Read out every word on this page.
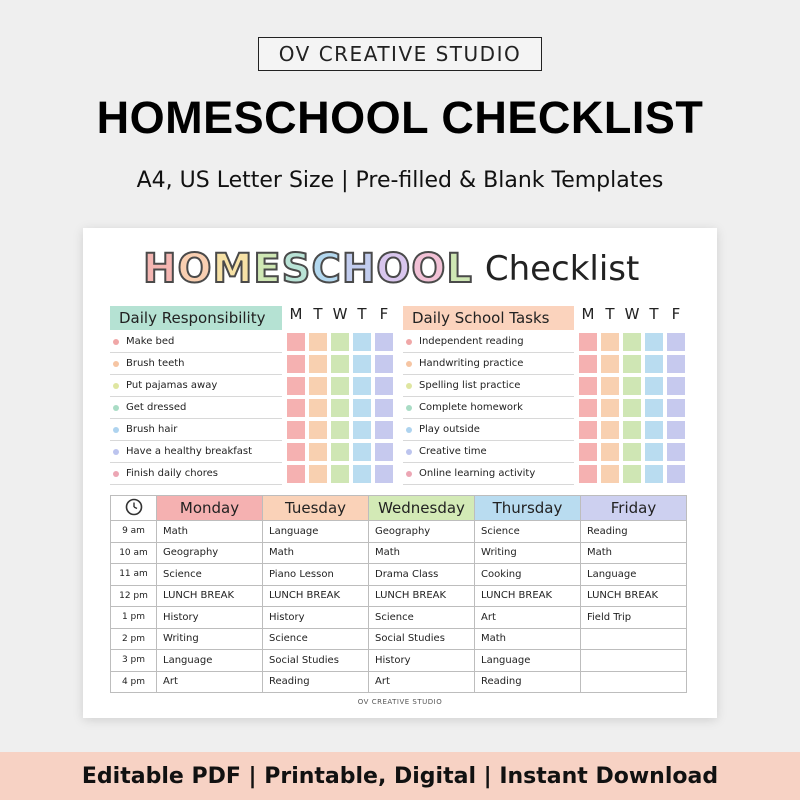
OV CREATIVE STUDIO
HOMESCHOOL CHECKLIST
A4, US Letter Size | Pre-filled & Blank Templates
H O M E S C H O O L Checklist
Daily Responsibility	M T W T F
Make bed
Brush teeth
Put pajamas away
Get dressed
Brush hair
Have a healthy breakfast
Finish daily chores
Daily School Tasks	M T W T F
Independent reading
Handwriting practice
Spelling list practice
Complete homework
Play outside
Creative time
Online learning activity
	Monday	Tuesday	Wednesday	Thursday	Friday
9 am	Math	Language	Geography	Science	Reading
10 am	Geography	Math	Math	Writing	Math
11 am	Science	Piano Lesson	Drama Class	Cooking	Language
12 pm	LUNCH BREAK	LUNCH BREAK	LUNCH BREAK	LUNCH BREAK	LUNCH BREAK
1 pm	History	History	Science	Art	Field Trip
2 pm	Writing	Science	Social Studies	Math	
3 pm	Language	Social Studies	History	Language	
4 pm	Art	Reading	Art	Reading	
OV CREATIVE STUDIO
Editable PDF | Printable, Digital | Instant Download
